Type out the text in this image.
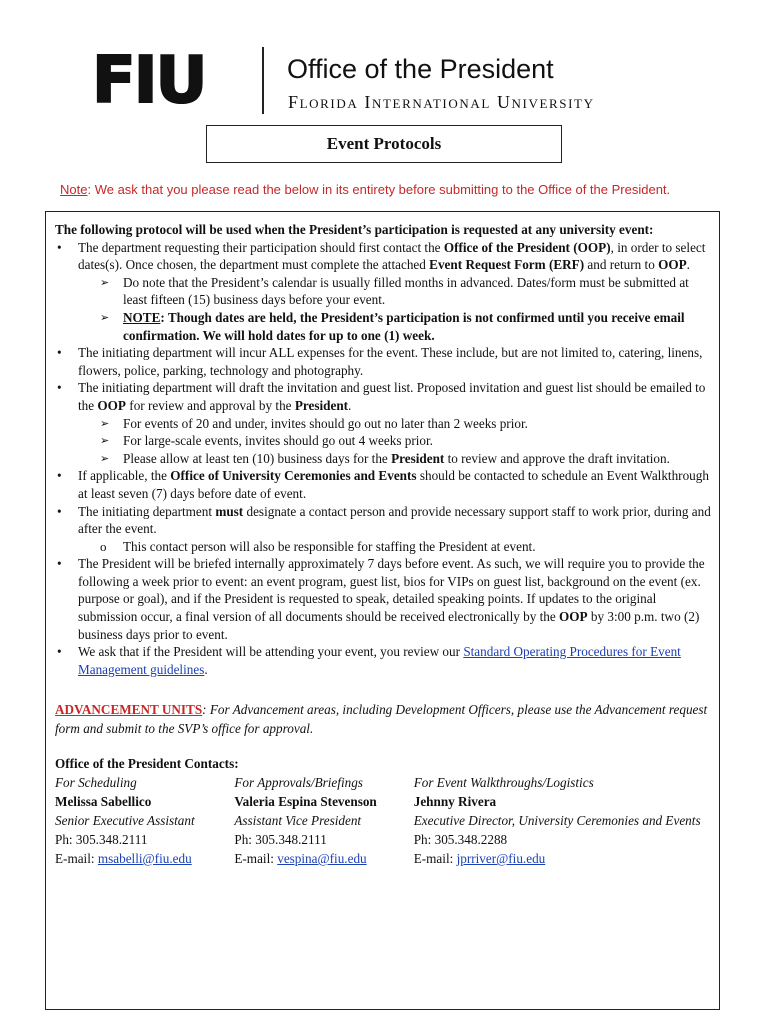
FIU	Office of the President
Florida International University
Event Protocols
Note: We ask that you please read the below in its entirety before submitting to the Office of the President.
The following protocol will be used when the President’s participation is requested at any university event:
• The department requesting their participation should first contact the Office of the President (OOP), in order to select dates(s). Once chosen, the department must complete the attached Event Request Form (ERF) and return to OOP.
➢ Do note that the President’s calendar is usually filled months in advanced. Dates/form must be submitted at least fifteen (15) business days before your event.
➢ NOTE: Though dates are held, the President’s participation is not confirmed until you receive email confirmation. We will hold dates for up to one (1) week.
• The initiating department will incur ALL expenses for the event. These include, but are not limited to, catering, linens, flowers, police, parking, technology and photography.
• The initiating department will draft the invitation and guest list. Proposed invitation and guest list should be emailed to the OOP for review and approval by the President.
➢ For events of 20 and under, invites should go out no later than 2 weeks prior.
➢ For large-scale events, invites should go out 4 weeks prior.
➢ Please allow at least ten (10) business days for the President to review and approve the draft invitation.
• If applicable, the Office of University Ceremonies and Events should be contacted to schedule an Event Walkthrough at least seven (7) days before date of event.
• The initiating department must designate a contact person and provide necessary support staff to work prior, during and after the event.
o This contact person will also be responsible for staffing the President at event.
• The President will be briefed internally approximately 7 days before event. As such, we will require you to provide the following a week prior to event: an event program, guest list, bios for VIPs on guest list, background on the event (ex. purpose or goal), and if the President is requested to speak, detailed speaking points. If updates to the original submission occur, a final version of all documents should be received electronically by the OOP by 3:00 p.m. two (2) business days prior to event.
• We ask that if the President will be attending your event, you review our Standard Operating Procedures for Event Management guidelines.
ADVANCEMENT UNITS: For Advancement areas, including Development Officers, please use the Advancement request form and submit to the SVP’s office for approval.
Office of the President Contacts:
For Scheduling
Melissa Sabellico
Senior Executive Assistant
Ph: 305.348.2111
E-mail: msabelli@fiu.edu
For Approvals/Briefings
Valeria Espina Stevenson
Assistant Vice President
Ph: 305.348.2111
E-mail: vespina@fiu.edu
For Event Walkthroughs/Logistics
Jehnny Rivera
Executive Director, University Ceremonies and Events
Ph: 305.348.2288
E-mail: jprriver@fiu.edu
